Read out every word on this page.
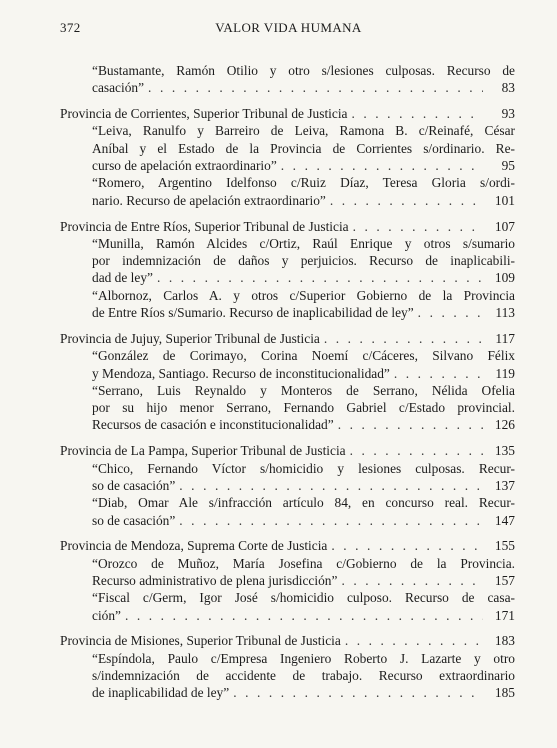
372	VALOR VIDA HUMANA
“Bustamante, Ramón Otilio y otro s/lesiones culposas. Recurso de
casación” . . .	83
Provincia de Corrientes, Superior Tribunal de Justicia . . .	93
“Leiva, Ranulfo y Barreiro de Leiva, Ramona B. c/Reinafé, César
Aníbal y el Estado de la Provincia de Corrientes s/ordinario. Re-
curso de apelación extraordinario” . . .	95
“Romero, Argentino Idelfonso c/Ruiz Díaz, Teresa Gloria s/ordi-
nario. Recurso de apelación extraordinario” . . .	101
Provincia de Entre Ríos, Superior Tribunal de Justicia . . .	107
“Munilla, Ramón Alcides c/Ortiz, Raúl Enrique y otros s/sumario
por indemnización de daños y perjuicios. Recurso de inaplicabili-
dad de ley” . . .	109
“Albornoz, Carlos A. y otros c/Superior Gobierno de la Provincia
de Entre Ríos s/Sumario. Recurso de inaplicabilidad de ley” . . .	113
Provincia de Jujuy, Superior Tribunal de Justicia . . .	117
“González de Corimayo, Corina Noemí c/Cáceres, Silvano Félix
y Mendoza, Santiago. Recurso de inconstitucionalidad” . . .	119
“Serrano, Luis Reynaldo y Monteros de Serrano, Nélida Ofelia
por su hijo menor Serrano, Fernando Gabriel c/Estado provincial.
Recursos de casación e inconstitucionalidad” . . .	126
Provincia de La Pampa, Superior Tribunal de Justicia . . .	135
“Chico, Fernando Víctor s/homicidio y lesiones culposas. Recur-
so de casación” . . .	137
“Diab, Omar Ale s/infracción artículo 84, en concurso real. Recur-
so de casación” . . .	147
Provincia de Mendoza, Suprema Corte de Justicia . . .	155
“Orozco de Muñoz, María Josefina c/Gobierno de la Provincia.
Recurso administrativo de plena jurisdicción” . . .	157
“Fiscal c/Germ, Igor José s/homicidio culposo. Recurso de casa-
ción” . . .	171
Provincia de Misiones, Superior Tribunal de Justicia . . .	183
“Espíndola, Paulo c/Empresa Ingeniero Roberto J. Lazarte y otro
s/indemnización de accidente de trabajo. Recurso extraordinario
de inaplicabilidad de ley” . . .	185
